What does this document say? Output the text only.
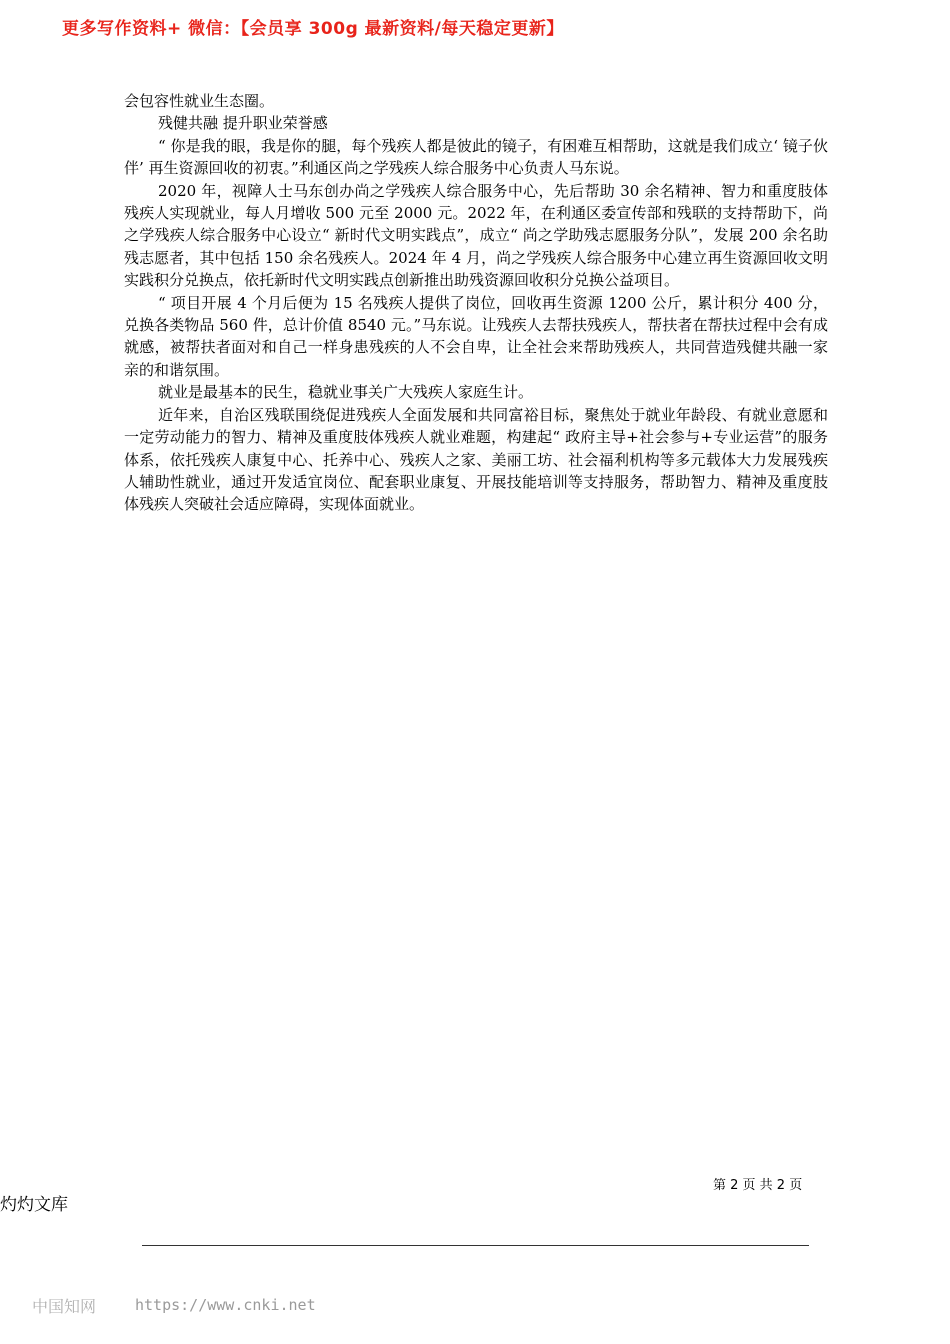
更多写作资料+ 微信：【会员享 300g 最新资料/每天稳定更新】

会包容性就业生态圈。

残健共融 提升职业荣誉感

“ 你是我的眼，我是你的腿，每个残疾人都是彼此的镜子，有困难互相帮助，这就是我们成立‘ 镜子伙伴’ 再生资源回收的初衷。”利通区尚之学残疾人综合服务中心负责人马东说。

2020 年，视障人士马东创办尚之学残疾人综合服务中心，先后帮助 30 余名精神、智力和重度肢体残疾人实现就业，每人月增收 500 元至 2000 元。2022 年，在利通区委宣传部和残联的支持帮助下，尚之学残疾人综合服务中心设立“ 新时代文明实践点”，成立“ 尚之学助残志愿服务分队”，发展 200 余名助残志愿者，其中包括 150 余名残疾人。2024 年 4 月，尚之学残疾人综合服务中心建立再生资源回收文明实践积分兑换点，依托新时代文明实践点创新推出助残资源回收积分兑换公益项目。

“ 项目开展 4 个月后便为 15 名残疾人提供了岗位，回收再生资源 1200 公斤，累计积分 400 分，兑换各类物品 560 件，总计价值 8540 元。”马东说。让残疾人去帮扶残疾人，帮扶者在帮扶过程中会有成就感，被帮扶者面对和自己一样身患残疾的人不会自卑，让全社会来帮助残疾人，共同营造残健共融一家亲的和谐氛围。

就业是最基本的民生，稳就业事关广大残疾人家庭生计。

近年来，自治区残联围绕促进残疾人全面发展和共同富裕目标，聚焦处于就业年龄段、有就业意愿和一定劳动能力的智力、精神及重度肢体残疾人就业难题，构建起“ 政府主导+社会参与+专业运营”的服务体系，依托残疾人康复中心、托养中心、残疾人之家、美丽工坊、社会福利机构等多元载体大力发展残疾人辅助性就业，通过开发适宜岗位、配套职业康复、开展技能培训等支持服务，帮助智力、精神及重度肢体残疾人突破社会适应障碍，实现体面就业。

第 2 页 共 2 页
灼灼文库
中国知网	https://www.cnki.net
